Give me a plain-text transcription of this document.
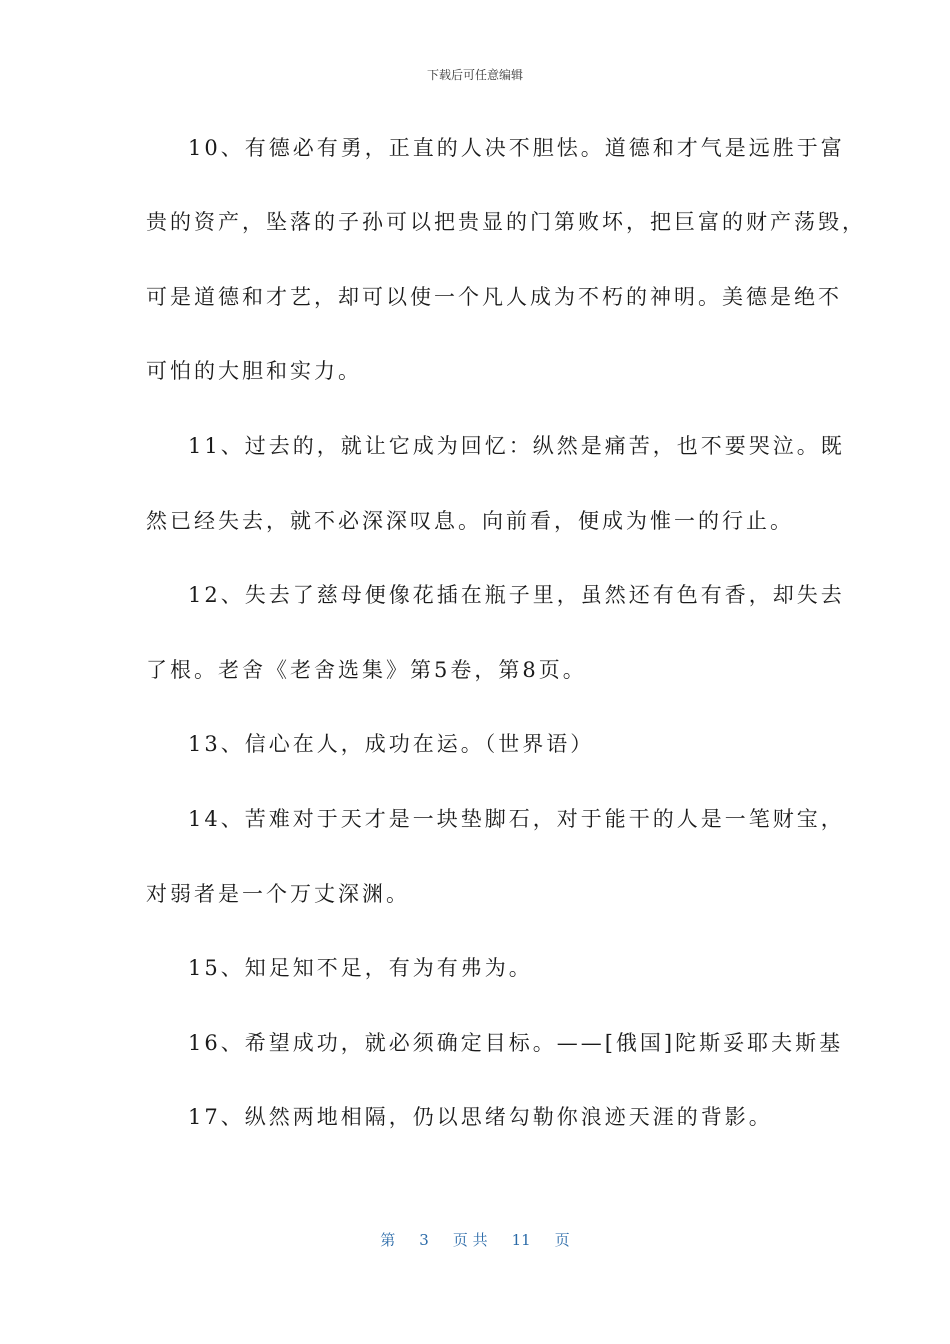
下载后可任意编辑
10、有德必有勇，正直的人决不胆怯。道德和才气是远胜于富
贵的资产，坠落的子孙可以把贵显的门第败坏，把巨富的财产荡毁，
可是道德和才艺，却可以使一个凡人成为不朽的神明。美德是绝不
可怕的大胆和实力。
11、过去的，就让它成为回忆：纵然是痛苦，也不要哭泣。既
然已经失去，就不必深深叹息。向前看，便成为惟一的行止。
12、失去了慈母便像花插在瓶子里，虽然还有色有香，却失去
了根。老舍《老舍选集》第5卷，第8页。
13、信心在人，成功在运。（世界语）
14、苦难对于天才是一块垫脚石，对于能干的人是一笔财宝，
对弱者是一个万丈深渊。
15、知足知不足，有为有弗为。
16、希望成功，就必须确定目标。——[俄国]陀斯妥耶夫斯基
17、纵然两地相隔，仍以思绪勾勒你浪迹天涯的背影。
第 3 页 共 11 页
